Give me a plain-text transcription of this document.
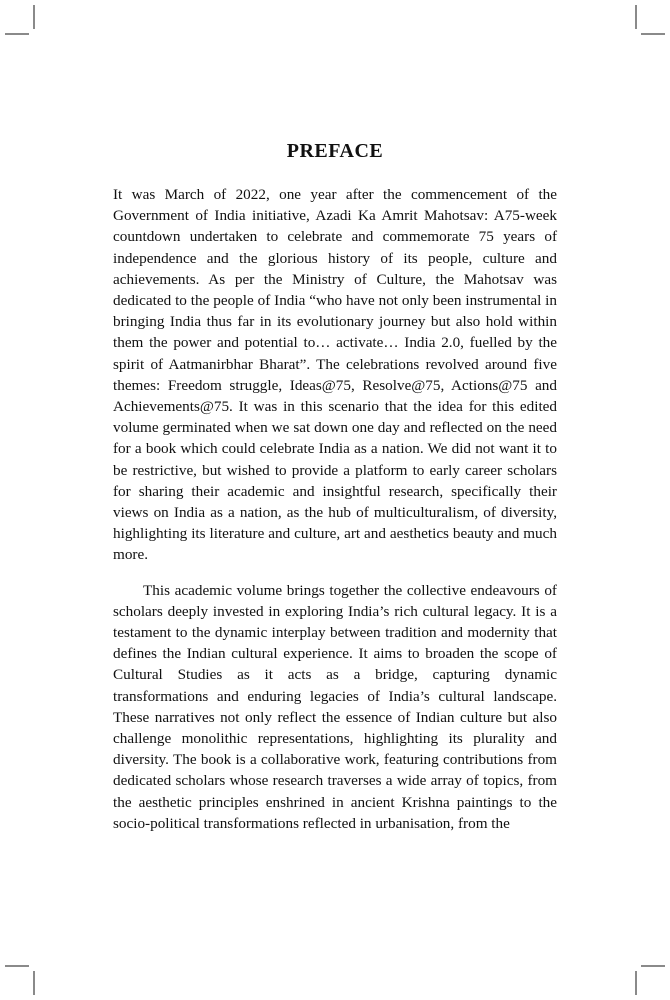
PREFACE

It was March of 2022, one year after the commencement of the Government of India initiative, Azadi Ka Amrit Mahotsav: A75-week countdown undertaken to celebrate and commemorate 75 years of independence and the glorious history of its people, culture and achievements. As per the Ministry of Culture, the Mahotsav was dedicated to the people of India “who have not only been instrumental in bringing India thus far in its evolutionary journey but also hold within them the power and potential to… activate… India 2.0, fuelled by the spirit of Aatmanirbhar Bharat”. The celebrations revolved around five themes: Freedom struggle, Ideas@75, Resolve@75, Actions@75 and Achievements@75. It was in this scenario that the idea for this edited volume germinated when we sat down one day and reflected on the need for a book which could celebrate India as a nation. We did not want it to be restrictive, but wished to provide a platform to early career scholars for sharing their academic and insightful research, specifically their views on India as a nation, as the hub of multiculturalism, of diversity, highlighting its literature and culture, art and aesthetics beauty and much more.

This academic volume brings together the collective endeavours of scholars deeply invested in exploring India’s rich cultural legacy. It is a testament to the dynamic interplay between tradition and modernity that defines the Indian cultural experience. It aims to broaden the scope of Cultural Studies as it acts as a bridge, capturing dynamic transformations and enduring legacies of India’s cultural landscape. These narratives not only reflect the essence of Indian culture but also challenge monolithic representations, highlighting its plurality and diversity. The book is a collaborative work, featuring contributions from dedicated scholars whose research traverses a wide array of topics, from the aesthetic principles enshrined in ancient Krishna paintings to the socio-political transformations reflected in urbanisation, from the
